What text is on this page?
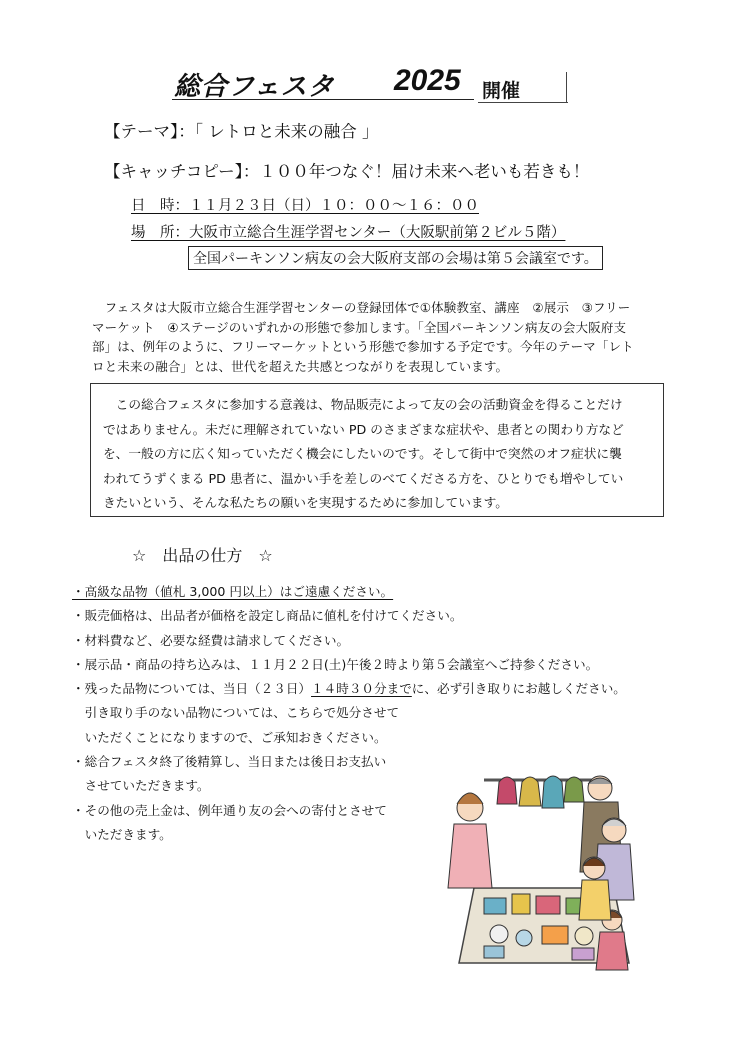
総合フェスタ 2025 開催
【テーマ】：「 レトロと未来の融合 」
【キャッチコピー】：１００年つなぐ！届け未来へ老いも若きも！
日　時：１１月２３日（日）１０：００〜１６：００
場　所：大阪市立総合生涯学習センター（大阪駅前第２ビル５階）
全国パーキンソン病友の会大阪府支部の会場は第５会議室です。
　フェスタは大阪市立総合生涯学習センターの登録団体で①体験教室、講座　②展示　③フリー
マーケット　④ステージのいずれかの形態で参加します。「全国パーキンソン病友の会大阪府支
部」は、例年のように、フリーマーケットという形態で参加する予定です。今年のテーマ「レト
ロと未来の融合」とは、世代を超えた共感とつながりを表現しています。
　この総合フェスタに参加する意義は、物品販売によって友の会の活動資金を得ることだけ
ではありません。未だに理解されていない PD のさまざまな症状や、患者との関わり方など
を、一般の方に広く知っていただく機会にしたいのです。そして街中で突然のオフ症状に襲
われてうずくまる PD 患者に、温かい手を差しのべてくださる方を、ひとりでも増やしてい
きたいという、そんな私たちの願いを実現するために参加しています。
☆　出品の仕方　☆
・高級な品物（値札 3,000 円以上）はご遠慮ください。
・販売価格は、出品者が価格を設定し商品に値札を付けてください。
・材料費など、必要な経費は請求してください。
・展示品・商品の持ち込みは、１１月２２日(土)午後２時より第５会議室へご持参ください。
・残った品物については、当日（２３日）１４時３０分までに、必ず引き取りにお越しください。
　引き取り手のない品物については、こちらで処分させて
　いただくことになりますので、ご承知おきください。
・総合フェスタ終了後精算し、当日または後日お支払い
　させていただきます。
・その他の売上金は、例年通り友の会への寄付とさせて
　いただきます。
